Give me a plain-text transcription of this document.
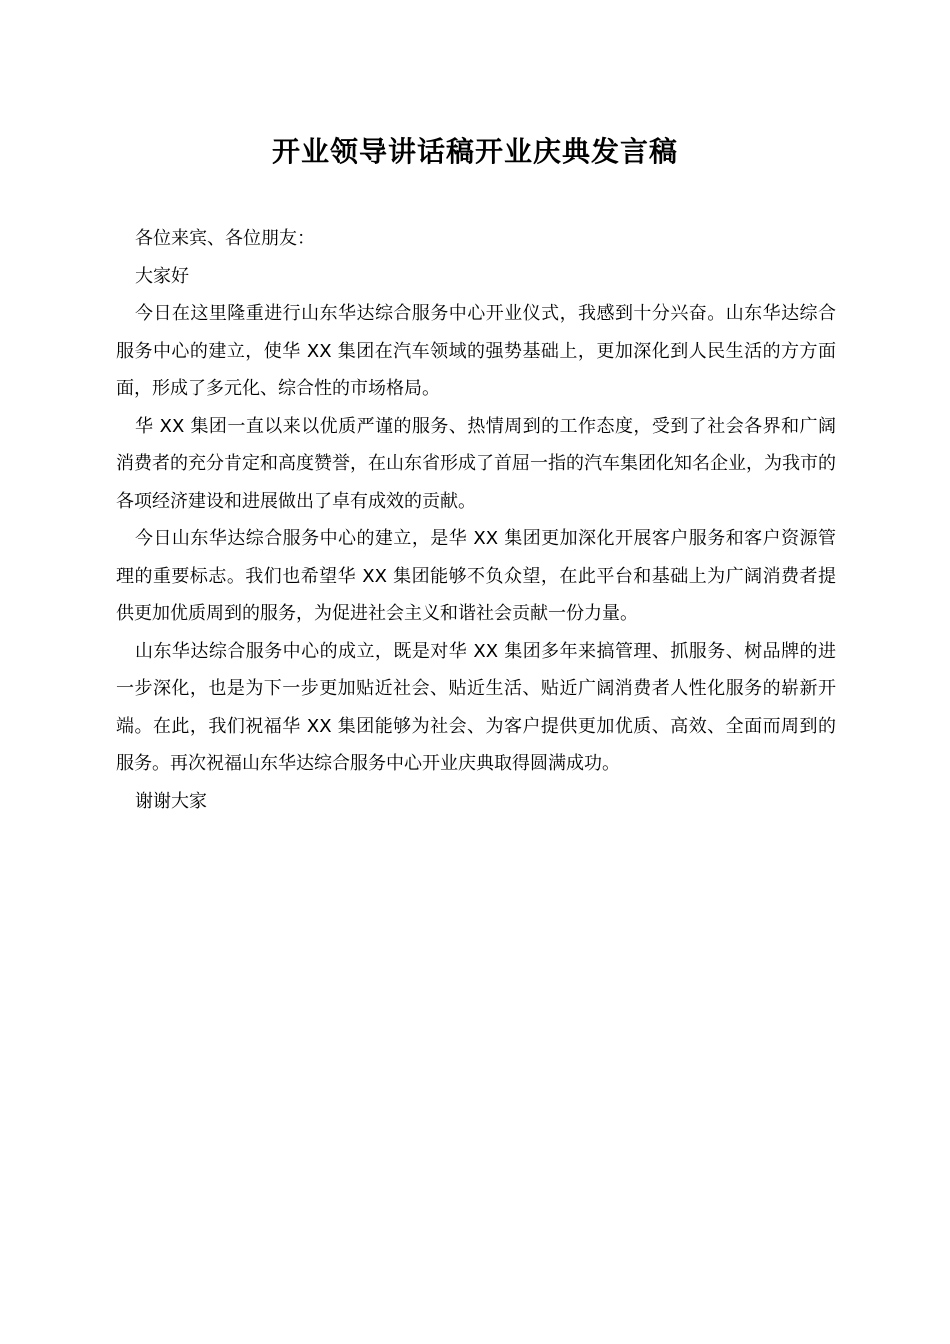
开业领导讲话稿开业庆典发言稿

各位来宾、各位朋友：

大家好

今日在这里隆重进行山东华达综合服务中心开业仪式，我感到十分兴奋。山东华达综合服务中心的建立，使华 XX 集团在汽车领域的强势基础上，更加深化到人民生活的方方面面，形成了多元化、综合性的市场格局。

华 XX 集团一直以来以优质严谨的服务、热情周到的工作态度，受到了社会各界和广阔消费者的充分肯定和高度赞誉，在山东省形成了首屈一指的汽车集团化知名企业，为我市的各项经济建设和进展做出了卓有成效的贡献。

今日山东华达综合服务中心的建立，是华 XX 集团更加深化开展客户服务和客户资源管理的重要标志。我们也希望华 XX 集团能够不负众望，在此平台和基础上为广阔消费者提供更加优质周到的服务，为促进社会主义和谐社会贡献一份力量。

山东华达综合服务中心的成立，既是对华 XX 集团多年来搞管理、抓服务、树品牌的进一步深化，也是为下一步更加贴近社会、贴近生活、贴近广阔消费者人性化服务的崭新开端。在此，我们祝福华 XX 集团能够为社会、为客户提供更加优质、高效、全面而周到的服务。再次祝福山东华达综合服务中心开业庆典取得圆满成功。

谢谢大家
